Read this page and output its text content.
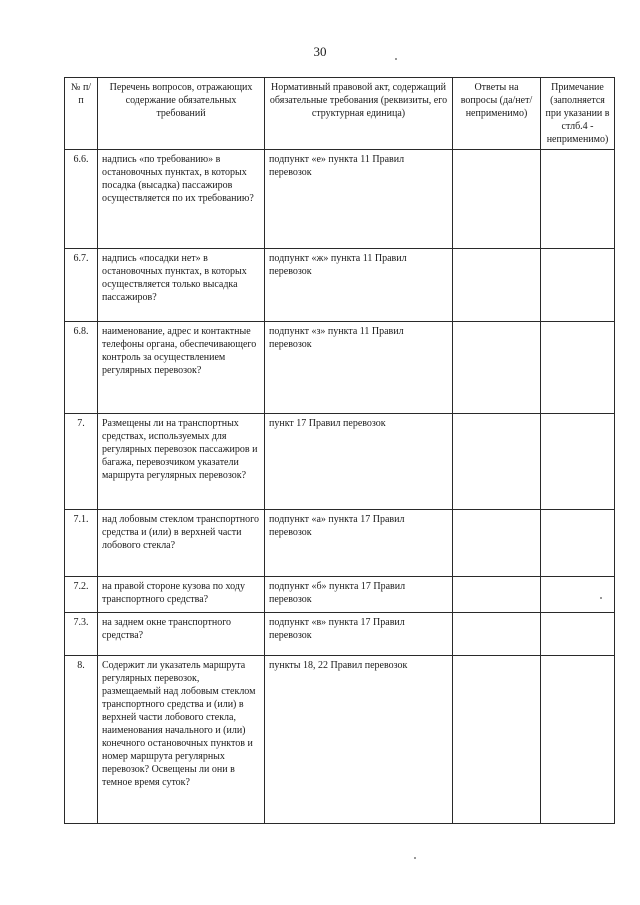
30
№ п/п	Перечень вопросов, отражающих содержание обязательных требований	Нормативный правовой акт, содержащий обязательные требования (реквизиты, его структурная единица)	Ответы на вопросы (да/нет/неприменимо)	Примечание (заполняется при указании в стлб.4 - неприменимо)
6.6.	надпись «по требованию» в остановочных пунктах, в которых посадка (высадка) пассажиров осуществляется по их требованию?	подпункт «е» пункта 11 Правил перевозок		
6.7.	надпись «посадки нет» в остановочных пунктах, в которых осуществляется только высадка пассажиров?	подпункт «ж» пункта 11 Правил перевозок		
6.8.	наименование, адрес и контактные телефоны органа, обеспечивающего контроль за осуществлением регулярных перевозок?	подпункт «з» пункта 11 Правил перевозок		
7.	Размещены ли на транспортных средствах, используемых для регулярных перевозок пассажиров и багажа, перевозчиком указатели маршрута регулярных перевозок?	пункт 17 Правил перевозок		
7.1.	над лобовым стеклом транспортного средства и (или) в верхней части лобового стекла?	подпункт «а» пункта 17 Правил перевозок		
7.2.	на правой стороне кузова по ходу транспортного средства?	подпункт «б» пункта 17 Правил перевозок		
7.3.	на заднем окне транспортного средства?	подпункт «в» пункта 17 Правил перевозок		
8.	Содержит ли указатель маршрута регулярных перевозок, размещаемый над лобовым стеклом транспортного средства и (или) в верхней части лобового стекла, наименования начального и (или) конечного остановочных пунктов и номер маршрута регулярных перевозок? Освещены ли они в темное время суток?	пункты 18, 22 Правил перевозок		
